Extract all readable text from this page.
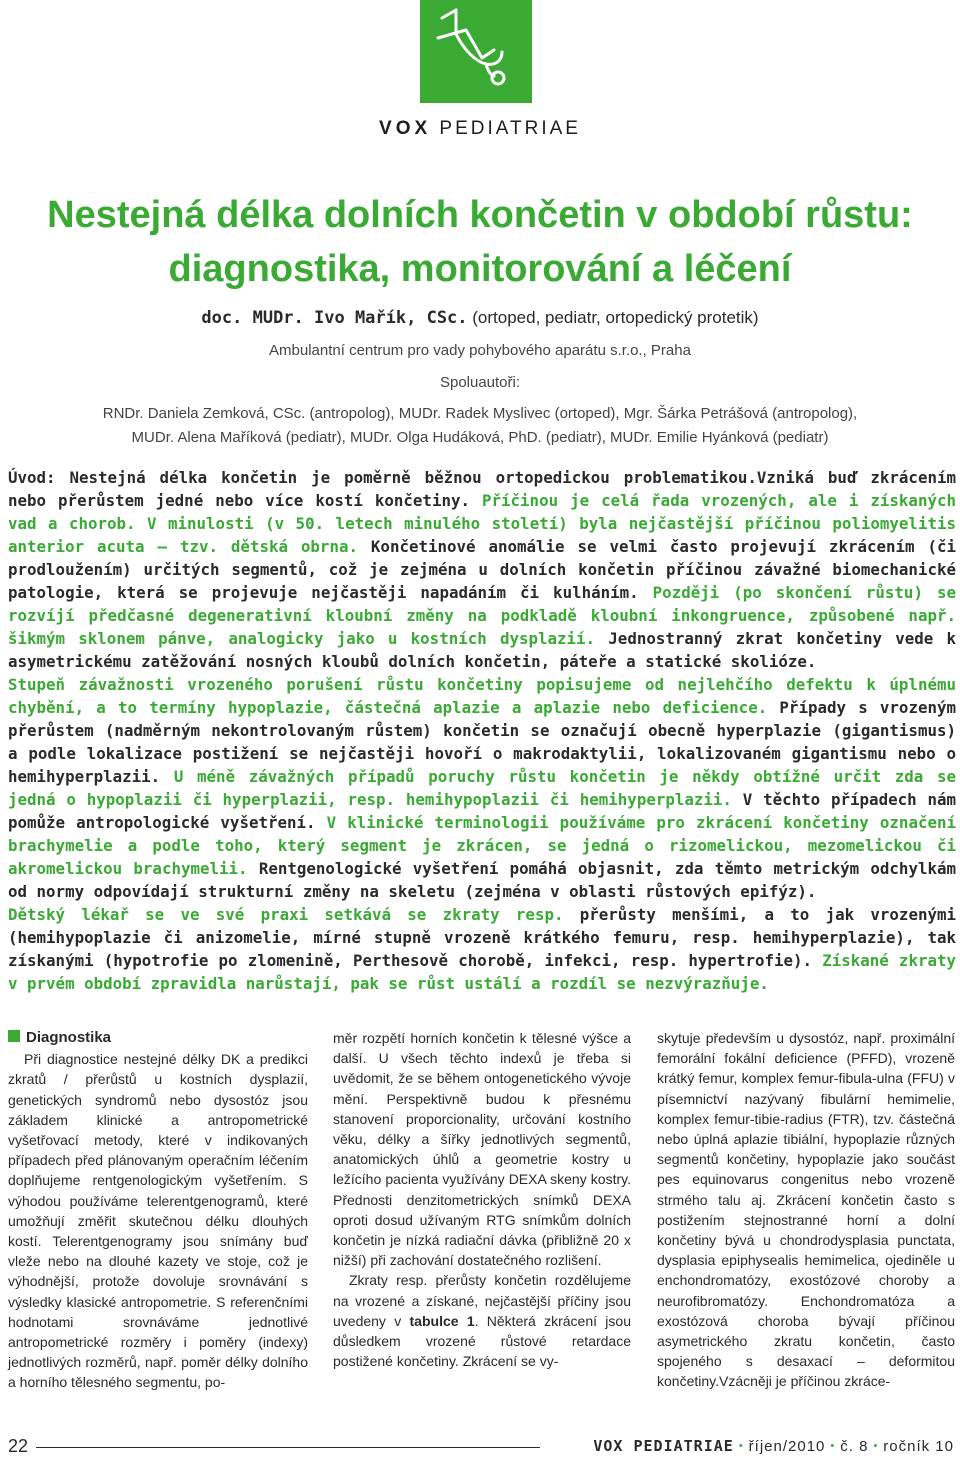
VOX PEDIATRIAE
Nestejná délka dolních končetin v období růstu:
diagnostika, monitorování a léčení
doc. MUDr. Ivo Mařík, CSc. (ortoped, pediatr, ortopedický protetik)
Ambulantní centrum pro vady pohybového aparátu s.r.o., Praha
Spoluautoři:
RNDr. Daniela Zemková, CSc. (antropolog), MUDr. Radek Myslivec (ortoped), Mgr. Šárka Petrášová (antropolog),
MUDr. Alena Maříková (pediatr), MUDr. Olga Hudáková, PhD. (pediatr), MUDr. Emilie Hyánková (pediatr)

Úvod: Nestejná délka končetin je poměrně běžnou ortopedickou problematikou.Vzniká buď zkrácením nebo přerůstem jedné nebo více kostí končetiny. Příčinou je celá řada vrozených, ale i získaných vad a chorob. V minulosti (v 50. letech minulého století) byla nejčastější příčinou poliomyelitis anterior acuta – tzv. dětská obrna. Končetinové anomálie se velmi často projevují zkrácením (či prodloužením) určitých segmentů, což je zejména u dolních končetin příčinou závažné biomechanické patologie, která se projevuje nejčastěji napadáním či kulháním. Později (po skončení růstu) se rozvíjí předčasné degenerativní kloubní změny na podkladě kloubní inkongruence, způsobené např. šikmým sklonem pánve, analogicky jako u kostních dysplazií. Jednostranný zkrat končetiny vede k asymetrickému zatěžování nosných kloubů dolních končetin, páteře a statické skolióze.

Stupeň závažnosti vrozeného porušení růstu končetiny popisujeme od nejlehčího defektu k úplnému chybění, a to termíny hypoplazie, částečná aplazie a aplazie nebo deficience. Případy s vrozeným přerůstem (nadměrným nekontrolovaným růstem) končetin se označují obecně hyperplazie (gigantismus) a podle lokalizace postižení se nejčastěji hovoří o makrodaktylii, lokalizovaném gigantismu nebo o hemihyperplazii. U méně závažných případů poruchy růstu končetin je někdy obtížné určit zda se jedná o hypoplazii či hyperplazii, resp. hemihypoplazii či hemihyperplazii. V těchto případech nám pomůže antropologické vyšetření. V klinické terminologii používáme pro zkrácení končetiny označení brachymelie a podle toho, který segment je zkrácen, se jedná o rizomelickou, mezomelickou či akromelickou brachymelii. Rentgenologické vyšetření pomáhá objasnit, zda těmto metrickým odchylkám od normy odpovídají strukturní změny na skeletu (zejména v oblasti růstových epifýz).

Dětský lékař se ve své praxi setkává se zkraty resp. přerůsty menšími, a to jak vrozenými (hemihypoplazie či anizomelie, mírné stupně vrozeně krátkého femuru, resp. hemihyperplazie), tak získanými (hypotrofie po zlomenině, Perthesově chorobě, infekci, resp. hypertrofie). Získané zkraty v prvém období zpravidla narůstají, pak se růst ustálí a rozdíl se nezvýrazňuje.

Diagnostika

Při diagnostice nestejné délky DK a predikci zkratů / přerůstů u kostních dysplazií, genetických syndromů nebo dysostóz jsou základem klinické a antropometrické vyšetřovací metody, které v indikovaných případech před plánovaným operačním léčením doplňujeme rentgenologickým vyšetřením. S výhodou používáme telerentgenogramů, které umožňují změřit skutečnou délku dlouhých kostí. Telerentgenogramy jsou snímány buď vleže nebo na dlouhé kazety ve stoje, což je výhodnější, protože dovoluje srovnávání s výsledky klasické antropometrie. S referenčními hodnotami srovnáváme jednotlivé antropometrické rozměry i poměry (indexy) jednotlivých rozměrů, např. poměr délky dolního a horního tělesného segmentu, po-

měr rozpětí horních končetin k tělesné výšce a další. U všech těchto indexů je třeba si uvědomit, že se během ontogenetického vývoje mění. Perspektivně budou k přesnému stanovení proporcionality, určování kostního věku, délky a šířky jednotlivých segmentů, anatomických úhlů a geometrie kostry u ležícího pacienta využívány DEXA skeny kostry. Přednosti denzitometrických snímků DEXA oproti dosud užívaným RTG snímkům dolních končetin je nízká radiační dávka (přibližně 20 x nižší) při zachování dostatečného rozlišení.

Zkraty resp. přerůsty končetin rozdělujeme na vrozené a získané, nejčastější příčiny jsou uvedeny v tabulce 1. Některá zkrácení jsou důsledkem vrozené růstové retardace postižené končetiny. Zkrácení se vy-

skytuje především u dysostóz, např. proximální femorální fokální deficience (PFFD), vrozeně krátký femur, komplex femur-fibula-ulna (FFU) v písemnictví nazývaný fibulární hemimelie, komplex femur-tibie-radius (FTR), tzv. částečná nebo úplná aplazie tibiální, hypoplazie různých segmentů končetiny, hypoplazie jako součást pes equinovarus congenitus nebo vrozeně strmého talu aj. Zkrácení končetin často s postižením stejnostranné horní a dolní končetiny bývá u chondrodysplasia punctata, dysplasia epiphysealis hemimelica, ojediněle u enchondromatózy, exostózové choroby a neurofibromatózy. Enchondromatóza a exostózová choroba bývají příčinou asymetrického zkratu končetin, často spojeného s desaxací – deformitou končetiny.Vzácněji je příčinou zkráce-

22	VOX PEDIATRIAE • říjen/2010 • č. 8 • ročník 10
